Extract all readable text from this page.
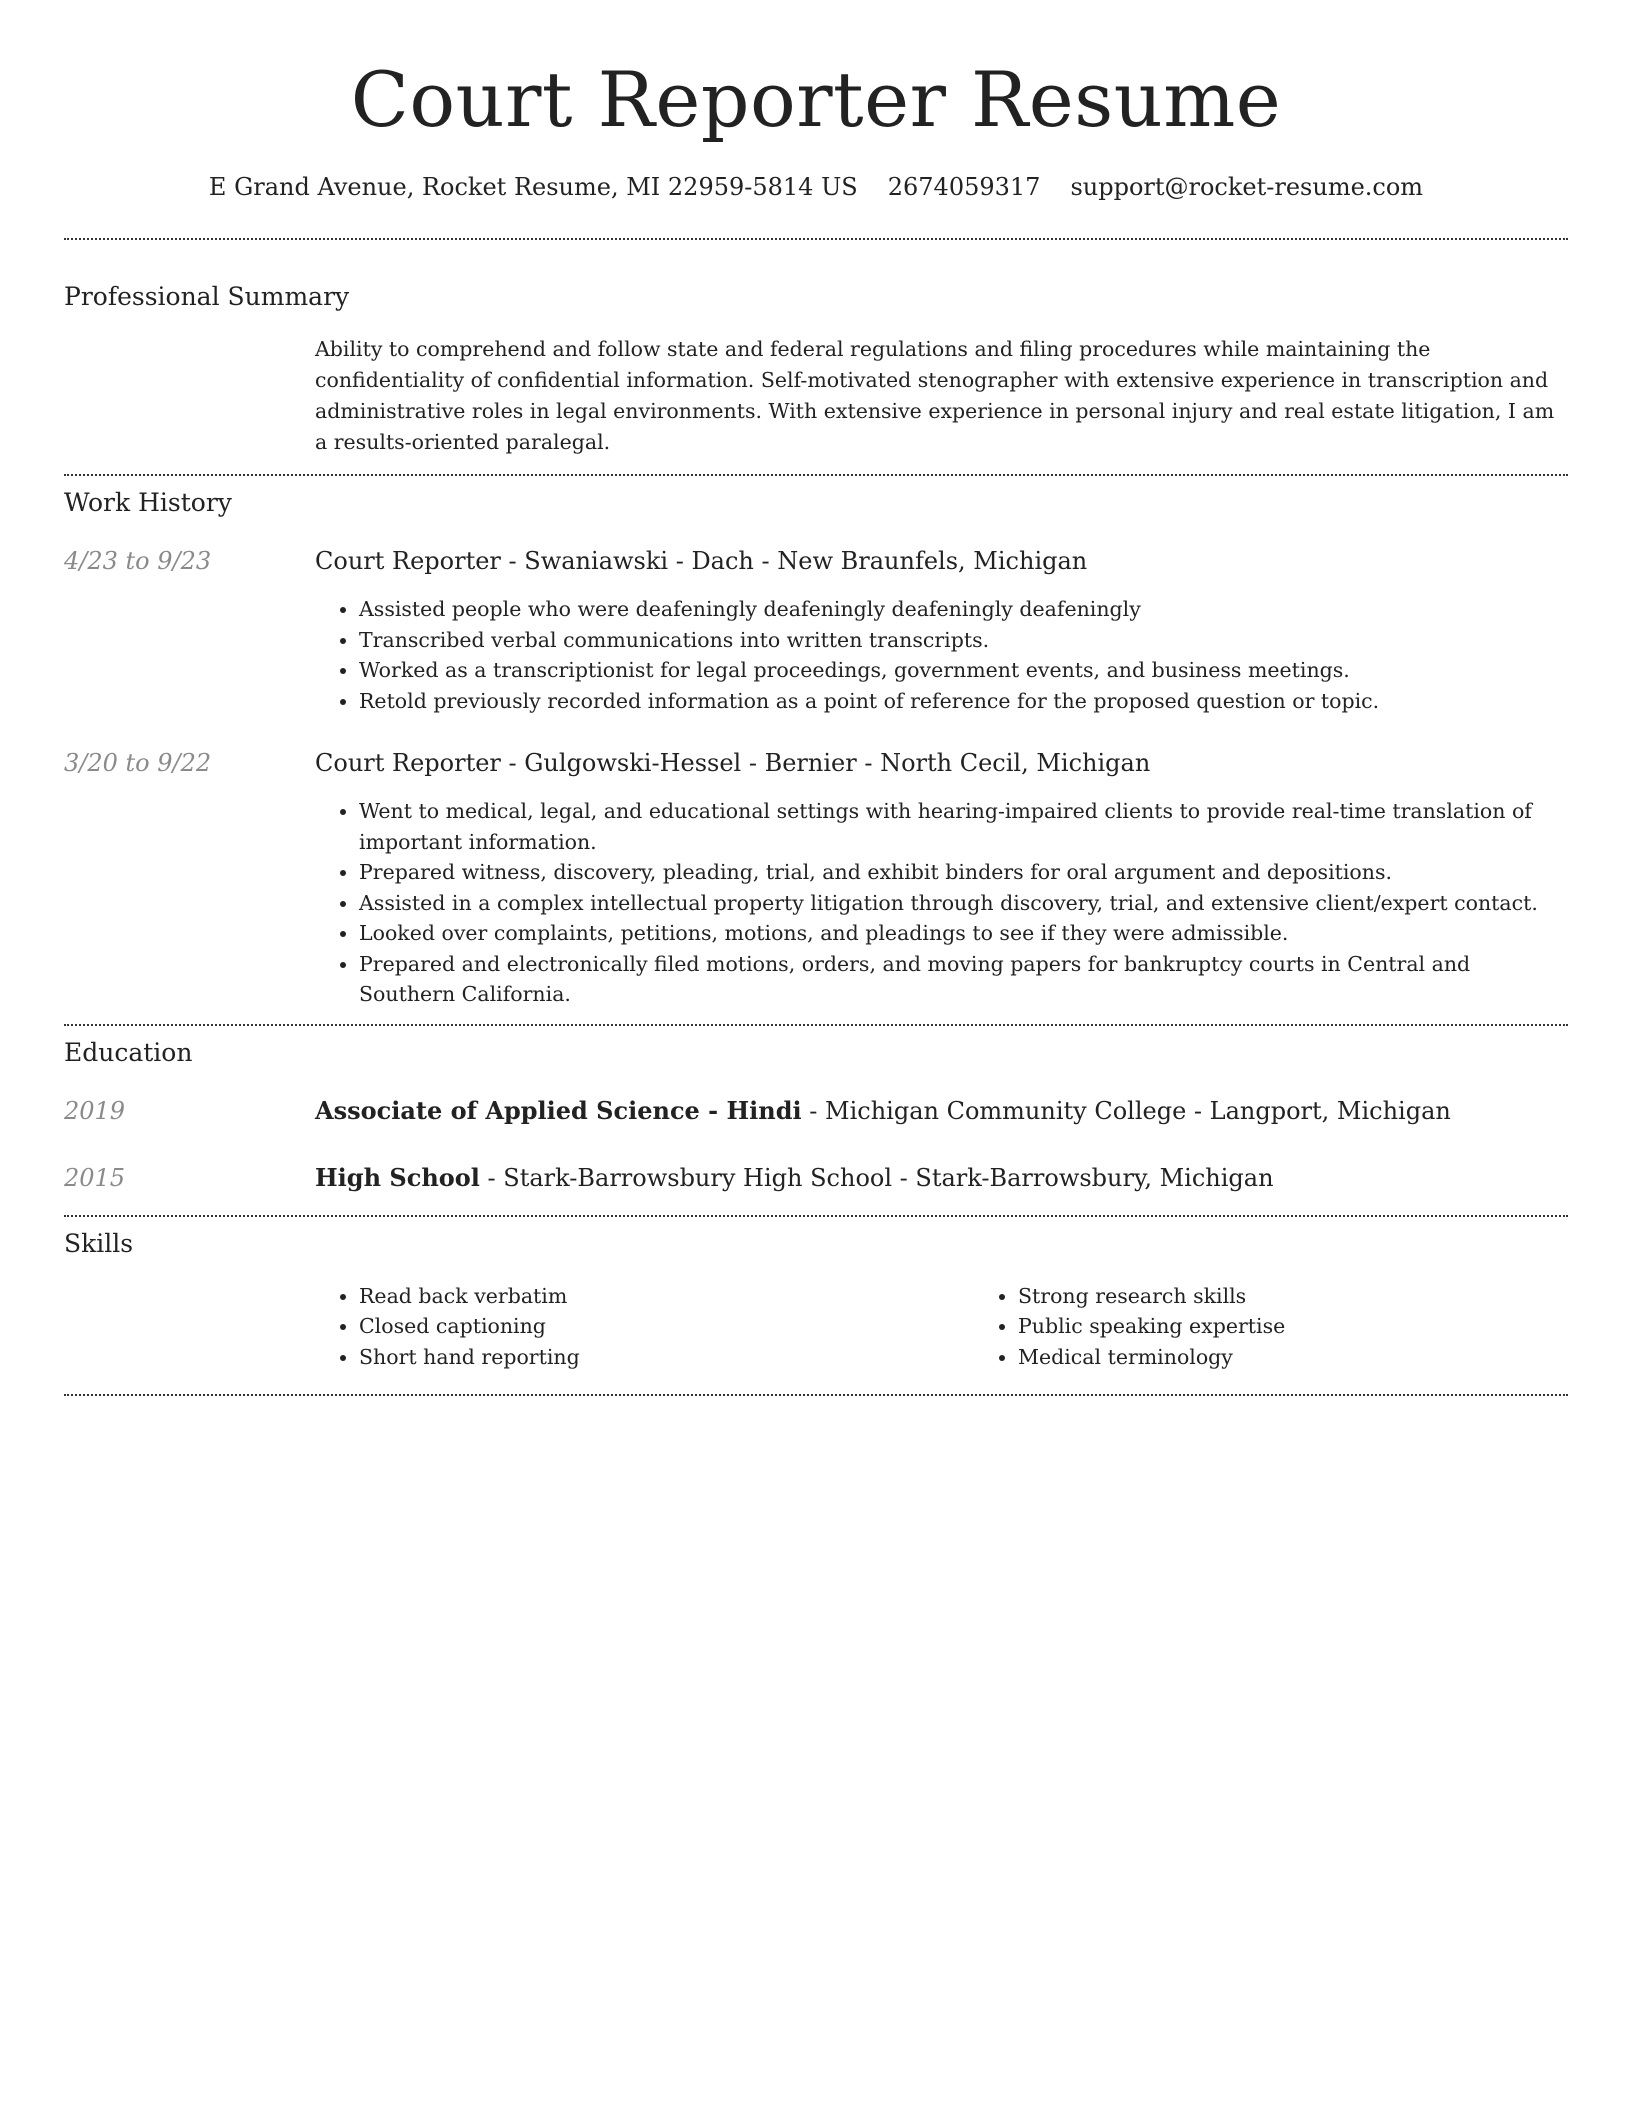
Court Reporter Resume
E Grand Avenue, Rocket Resume, MI 22959-5814 US 2674059317 support@rocket-resume.com
Professional Summary

Ability to comprehend and follow state and federal regulations and filing procedures while maintaining the confidentiality of confidential information. Self-motivated stenographer with extensive experience in transcription and administrative roles in legal environments. With extensive experience in personal injury and real estate litigation, I am a results-oriented paralegal.

Work History
4/23 to 9/23	Court Reporter - Swaniawski - Dach - New Braunfels, Michigan
• Assisted people who were deafeningly deafeningly deafeningly deafeningly
• Transcribed verbal communications into written transcripts.
• Worked as a transcriptionist for legal proceedings, government events, and business meetings.
• Retold previously recorded information as a point of reference for the proposed question or topic.
3/20 to 9/22	Court Reporter - Gulgowski-Hessel - Bernier - North Cecil, Michigan
• Went to medical, legal, and educational settings with hearing-impaired clients to provide real-time translation of important information.
• Prepared witness, discovery, pleading, trial, and exhibit binders for oral argument and depositions.
• Assisted in a complex intellectual property litigation through discovery, trial, and extensive client/expert contact.
• Looked over complaints, petitions, motions, and pleadings to see if they were admissible.
• Prepared and electronically filed motions, orders, and moving papers for bankruptcy courts in Central and Southern California.
Education
2019	Associate of Applied Science - Hindi - Michigan Community College - Langport, Michigan
2015	High School - Stark-Barrowsbury High School - Stark-Barrowsbury, Michigan
Skills
• Read back verbatim
• Closed captioning
• Short hand reporting
• Strong research skills
• Public speaking expertise
• Medical terminology
